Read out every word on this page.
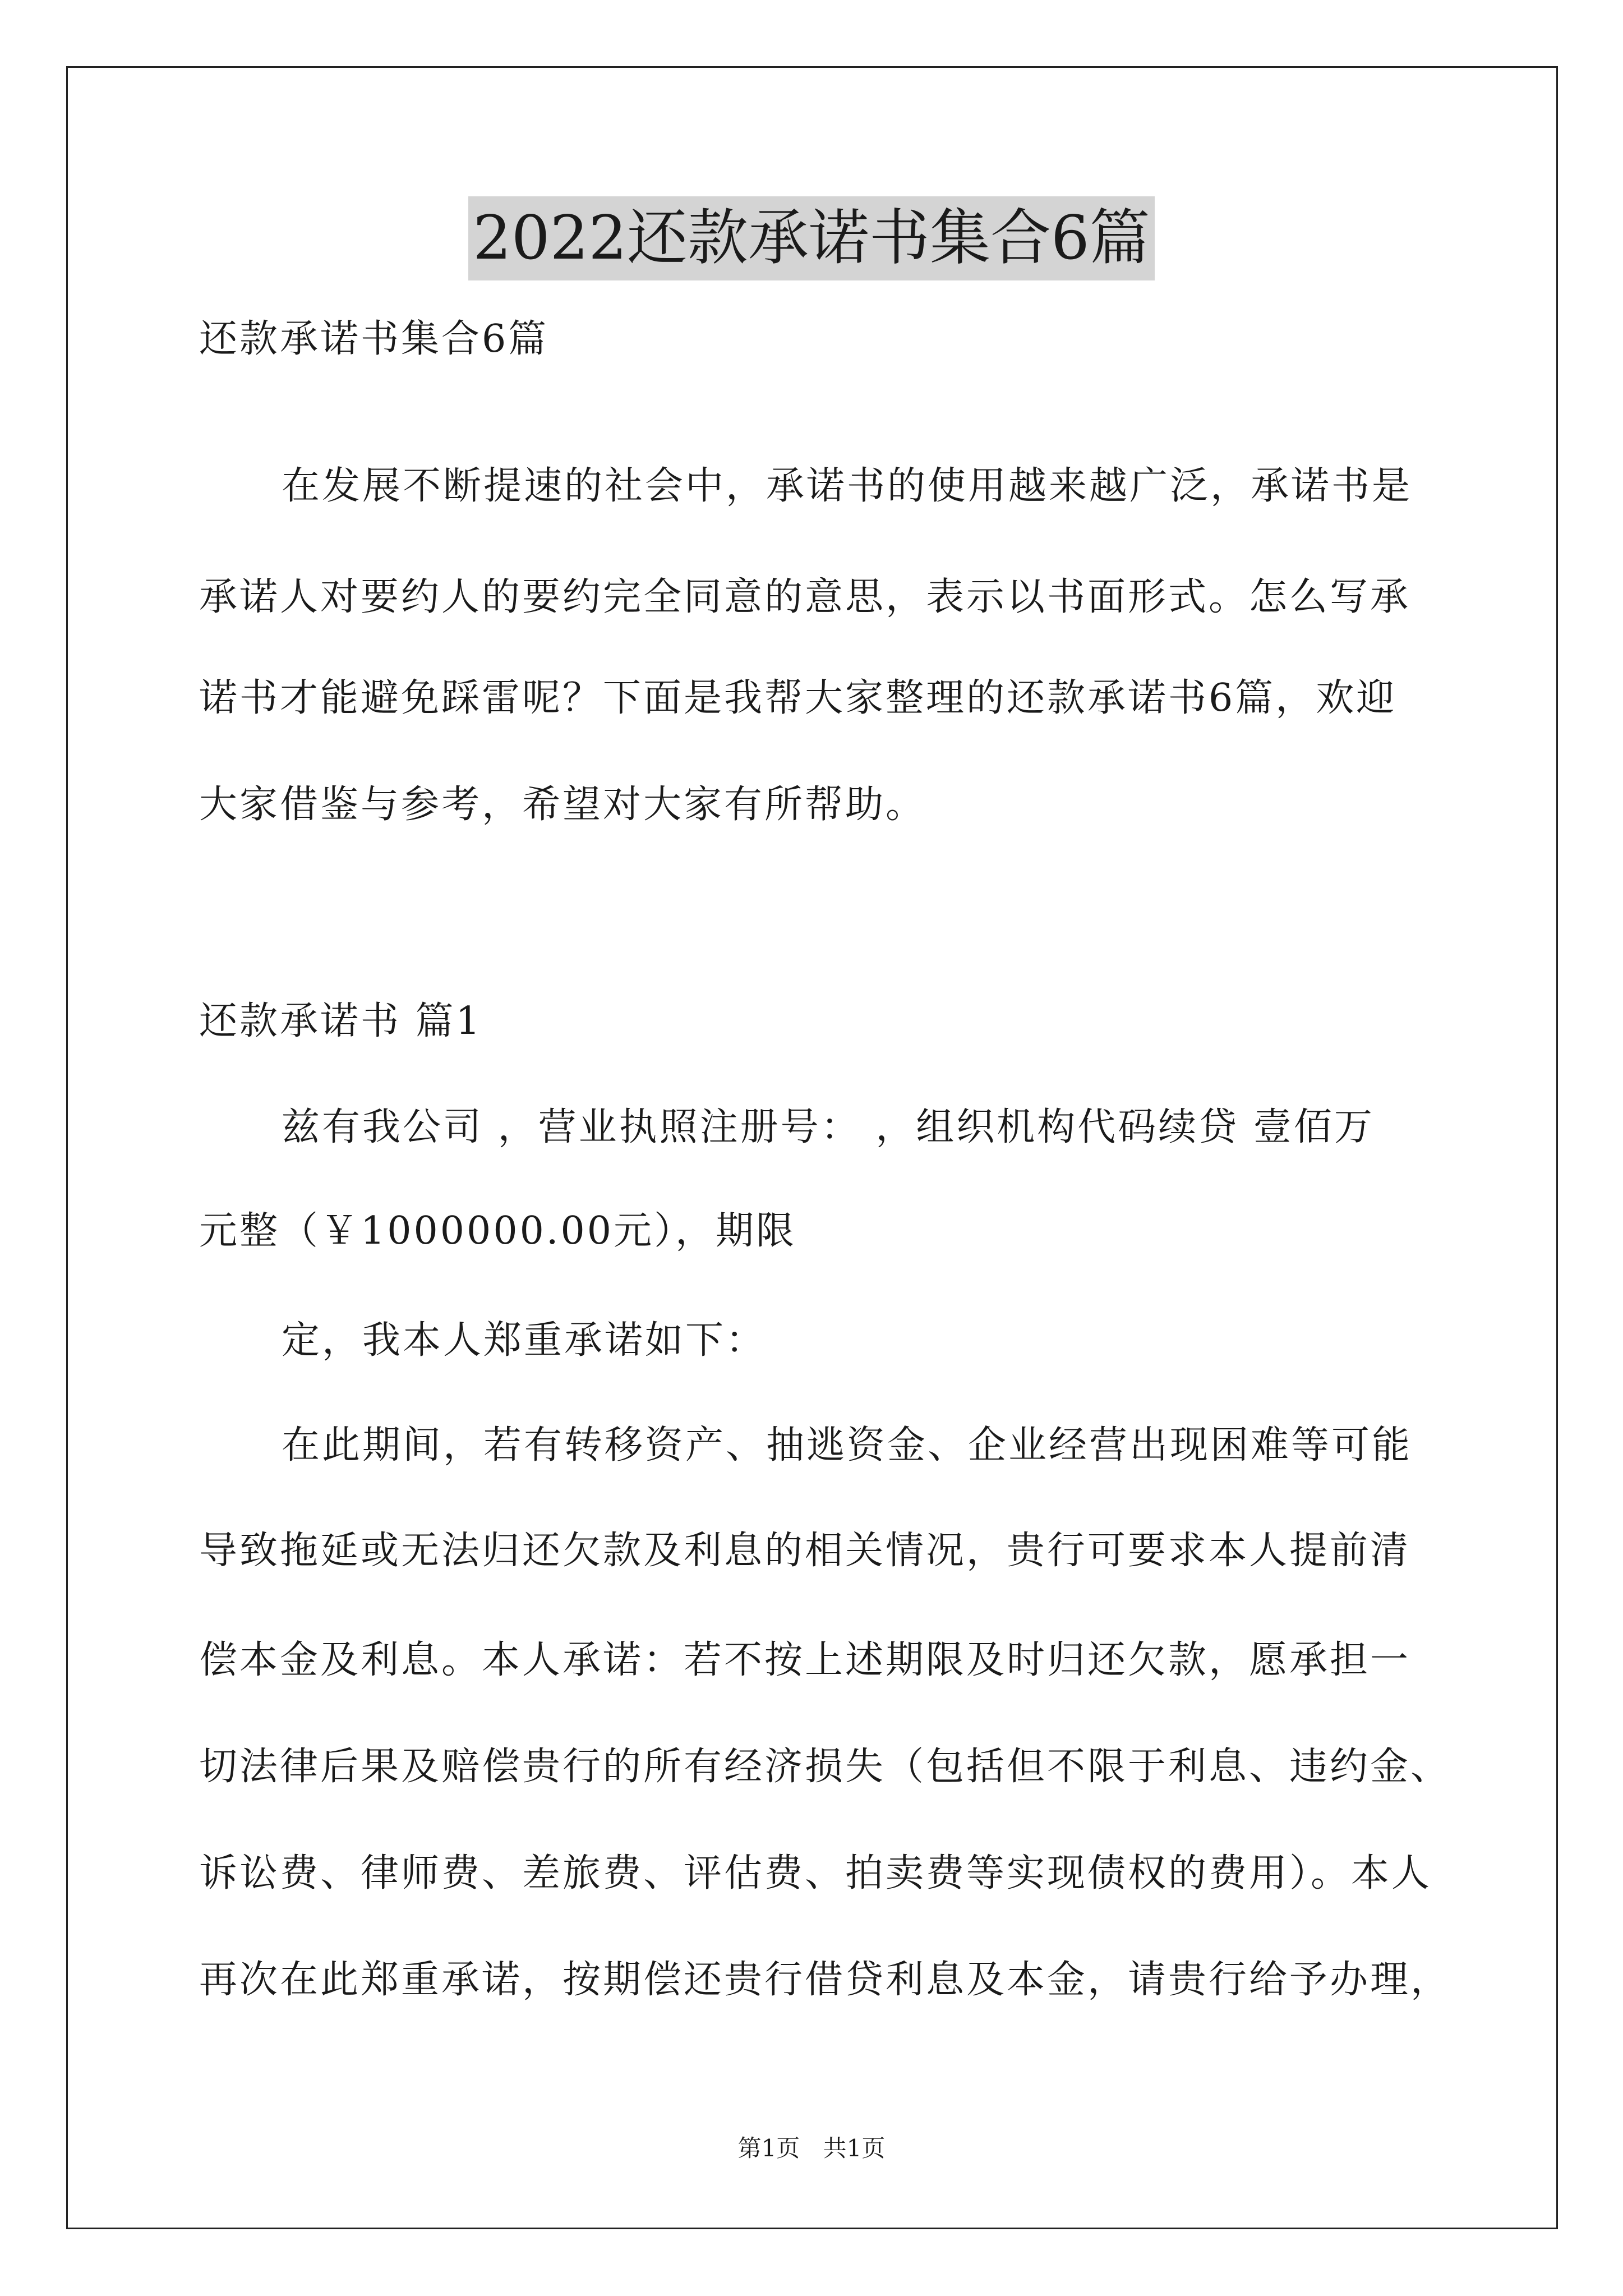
2022还款承诺书集合6篇
还款承诺书集合6篇
在发展不断提速的社会中，承诺书的使用越来越广泛，承诺书是
承诺人对要约人的要约完全同意的意思，表示以书面形式。怎么写承
诺书才能避免踩雷呢？下面是我帮大家整理的还款承诺书6篇，欢迎
大家借鉴与参考，希望对大家有所帮助。
还款承诺书 篇1
兹有我公司 ，营业执照注册号： ，组织机构代码续贷 壹佰万
元整（￥1000000.00元），期限
定，我本人郑重承诺如下：
在此期间，若有转移资产、抽逃资金、企业经营出现困难等可能
导致拖延或无法归还欠款及利息的相关情况，贵行可要求本人提前清
偿本金及利息。本人承诺：若不按上述期限及时归还欠款，愿承担一
切法律后果及赔偿贵行的所有经济损失（包括但不限于利息、违约金、
诉讼费、律师费、差旅费、评估费、拍卖费等实现债权的费用）。本人
再次在此郑重承诺，按期偿还贵行借贷利息及本金，请贵行给予办理，
第1页 共1页
